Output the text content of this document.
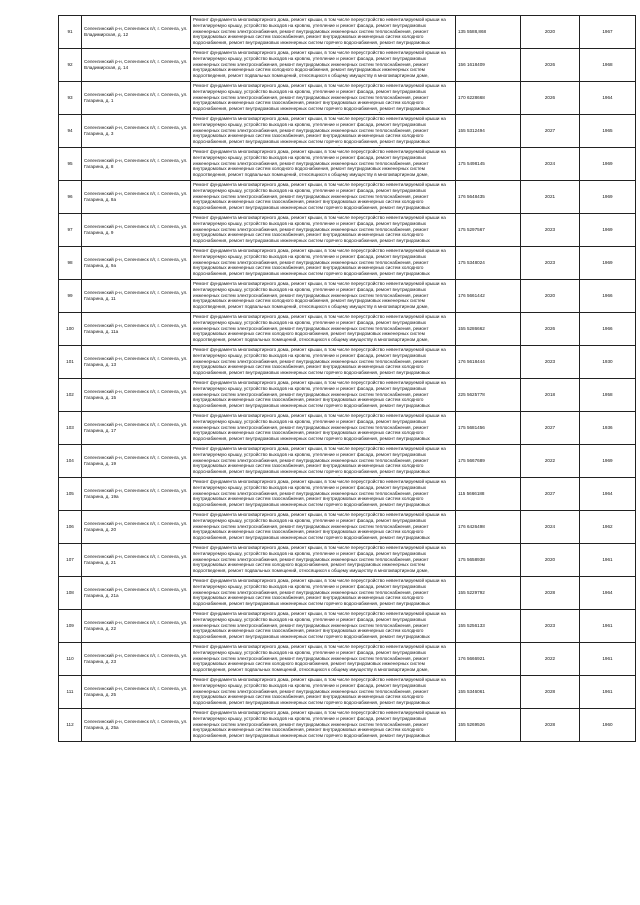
91	Селенгинский р-н, Селенгинск п/г, г. Селенга, ул. Владимирская, д. 12	Ремонт фундамента многоквартирного дома, ремонт крыши, в том числе переустройство невентилируемой крыши на вентилируемую крышу, устройство выходов на кровлю, утепление и ремонт фасада, ремонт внутридомовых инженерных систем электроснабжения, ремонт внутридомовых инженерных систем теплоснабжения, ремонт внутридомовых инженерных систем газоснабжения, ремонт внутридомовых инженерных систем холодного водоснабжения, ремонт внутридомовых инженерных систем горячего водоснабжения, ремонт внутридомовых	135 5588,868	2020	1967

92	Селенгинский р-н, Селенгинск п/г, г. Селенга, ул. Владимирская, д. 14	Ремонт фундамента многоквартирного дома, ремонт крыши, в том числе переустройство невентилируемой крыши на вентилируемую крышу, устройство выходов на кровлю, утепление и ремонт фасада, ремонт внутридомовых инженерных систем электроснабжения, ремонт внутридомовых инженерных систем теплоснабжения, ремонт внутридомовых инженерных систем холодного водоснабжения, ремонт внутридомовых инженерных систем водоотведения, ремонт подвальных помещений, относящихся к общему имуществу в многоквартирном доме,	156 1618409	2026	1968

93	Селенгинский р-н, Селенгинск п/г, г. Селенга, ул. Гагарина, д. 1	Ремонт фундамента многоквартирного дома, ремонт крыши, в том числе переустройство невентилируемой крыши на вентилируемую крышу, устройство выходов на кровлю, утепление и ремонт фасада, ремонт внутридомовых инженерных систем электроснабжения, ремонт внутридомовых инженерных систем теплоснабжения, ремонт внутридомовых инженерных систем газоснабжения, ремонт внутридомовых инженерных систем холодного водоснабжения, ремонт внутридомовых инженерных систем горячего водоснабжения, ремонт внутридомовых	170 6228668	2026	1964

94	Селенгинский р-н, Селенгинск п/г, г. Селенга, ул. Гагарина, д. 3	Ремонт фундамента многоквартирного дома, ремонт крыши, в том числе переустройство невентилируемой крыши на вентилируемую крышу, устройство выходов на кровлю, утепление и ремонт фасада, ремонт внутридомовых инженерных систем электроснабжения, ремонт внутридомовых инженерных систем теплоснабжения, ремонт внутридомовых инженерных систем газоснабжения, ремонт внутридомовых инженерных систем холодного водоснабжения, ремонт внутридомовых инженерных систем горячего водоснабжения, ремонт внутридомовых	155 5312494	2027	1965

95	Селенгинский р-н, Селенгинск п/г, г. Селенга, ул. Гагарина, д. 8	Ремонт фундамента многоквартирного дома, ремонт крыши, в том числе переустройство невентилируемой крыши на вентилируемую крышу, устройство выходов на кровлю, утепление и ремонт фасада, ремонт внутридомовых инженерных систем электроснабжения, ремонт внутридомовых инженерных систем теплоснабжения, ремонт внутридомовых инженерных систем холодного водоснабжения, ремонт внутридомовых инженерных систем водоотведения, ремонт подвальных помещений, относящихся к общему имуществу в многоквартирном доме,	175 5498145	2024	1969

96	Селенгинский р-н, Селенгинск п/г, г. Селенга, ул. Гагарина, д. 8а	Ремонт фундамента многоквартирного дома, ремонт крыши, в том числе переустройство невентилируемой крыши на вентилируемую крышу, устройство выходов на кровлю, утепление и ремонт фасада, ремонт внутридомовых инженерных систем электроснабжения, ремонт внутридомовых инженерных систем теплоснабжения, ремонт внутридомовых инженерных систем газоснабжения, ремонт внутридомовых инженерных систем холодного водоснабжения, ремонт внутридомовых инженерных систем горячего водоснабжения, ремонт внутридомовых	176 5648435	2021	1969

97	Селенгинский р-н, Селенгинск п/г, г. Селенга, ул. Гагарина, д. 9	Ремонт фундамента многоквартирного дома, ремонт крыши, в том числе переустройство невентилируемой крыши на вентилируемую крышу, устройство выходов на кровлю, утепление и ремонт фасада, ремонт внутридомовых инженерных систем электроснабжения, ремонт внутридомовых инженерных систем теплоснабжения, ремонт внутридомовых инженерных систем газоснабжения, ремонт внутридомовых инженерных систем холодного водоснабжения, ремонт внутридомовых инженерных систем горячего водоснабжения, ремонт внутридомовых	175 5297567	2023	1969

98	Селенгинский р-н, Селенгинск п/г, г. Селенга, ул. Гагарина, д. 9а	Ремонт фундамента многоквартирного дома, ремонт крыши, в том числе переустройство невентилируемой крыши на вентилируемую крышу, устройство выходов на кровлю, утепление и ремонт фасада, ремонт внутридомовых инженерных систем электроснабжения, ремонт внутридомовых инженерных систем теплоснабжения, ремонт внутридомовых инженерных систем газоснабжения, ремонт внутридомовых инженерных систем холодного водоснабжения, ремонт внутридомовых инженерных систем горячего водоснабжения, ремонт внутридомовых	175 5348024	2023	1969

99	Селенгинский р-н, Селенгинск п/г, г. Селенга, ул. Гагарина, д. 11	Ремонт фундамента многоквартирного дома, ремонт крыши, в том числе переустройство невентилируемой крыши на вентилируемую крышу, устройство выходов на кровлю, утепление и ремонт фасада, ремонт внутридомовых инженерных систем электроснабжения, ремонт внутридомовых инженерных систем теплоснабжения, ремонт внутридомовых инженерных систем холодного водоснабжения, ремонт внутридомовых инженерных систем водоотведения, ремонт подвальных помещений, относящихся к общему имуществу в многоквартирном доме,	176 5661442	2020	1966

100	Селенгинский р-н, Селенгинск п/г, г. Селенга, ул. Гагарина, д. 11а	Ремонт фундамента многоквартирного дома, ремонт крыши, в том числе переустройство невентилируемой крыши на вентилируемую крышу, устройство выходов на кровлю, утепление и ремонт фасада, ремонт внутридомовых инженерных систем электроснабжения, ремонт внутридомовых инженерных систем теплоснабжения, ремонт внутридомовых инженерных систем холодного водоснабжения, ремонт внутридомовых инженерных систем водоотведения, ремонт подвальных помещений, относящихся к общему имуществу в многоквартирном доме,	155 5286662	2026	1966

101	Селенгинский р-н, Селенгинск п/г, г. Селенга, ул. Гагарина, д. 13	Ремонт фундамента многоквартирного дома, ремонт крыши, в том числе переустройство невентилируемой крыши на вентилируемую крышу, устройство выходов на кровлю, утепление и ремонт фасада, ремонт внутридомовых инженерных систем электроснабжения, ремонт внутридомовых инженерных систем теплоснабжения, ремонт внутридомовых инженерных систем газоснабжения, ремонт внутридомовых инженерных систем холодного водоснабжения, ремонт внутридомовых инженерных систем горячего водоснабжения, ремонт внутридомовых	176 5618444	2023	1930

102	Селенгинский р-н, Селенгинск п/г, г. Селенга, ул. Гагарина, д. 15	Ремонт фундамента многоквартирного дома, ремонт крыши, в том числе переустройство невентилируемой крыши на вентилируемую крышу, устройство выходов на кровлю, утепление и ремонт фасада, ремонт внутридомовых инженерных систем электроснабжения, ремонт внутридомовых инженерных систем теплоснабжения, ремонт внутридомовых инженерных систем газоснабжения, ремонт внутридомовых инженерных систем холодного водоснабжения, ремонт внутридомовых инженерных систем горячего водоснабжения, ремонт внутридомовых	225 5625778	2018	1958

103	Селенгинский р-н, Селенгинск п/г, г. Селенга, ул. Гагарина, д. 17	Ремонт фундамента многоквартирного дома, ремонт крыши, в том числе переустройство невентилируемой крыши на вентилируемую крышу, устройство выходов на кровлю, утепление и ремонт фасада, ремонт внутридомовых инженерных систем электроснабжения, ремонт внутридомовых инженерных систем теплоснабжения, ремонт внутридомовых инженерных систем газоснабжения, ремонт внутридомовых инженерных систем холодного водоснабжения, ремонт внутридомовых инженерных систем горячего водоснабжения, ремонт внутридомовых	175 5681456	2027	1936

104	Селенгинский р-н, Селенгинск п/г, г. Селенга, ул. Гагарина, д. 19	Ремонт фундамента многоквартирного дома, ремонт крыши, в том числе переустройство невентилируемой крыши на вентилируемую крышу, устройство выходов на кровлю, утепление и ремонт фасада, ремонт внутридомовых инженерных систем электроснабжения, ремонт внутридомовых инженерных систем теплоснабжения, ремонт внутридомовых инженерных систем газоснабжения, ремонт внутридомовых инженерных систем холодного водоснабжения, ремонт внутридомовых инженерных систем горячего водоснабжения, ремонт внутридомовых	175 5667689	2022	1969

105	Селенгинский р-н, Селенгинск п/г, г. Селенга, ул. Гагарина, д. 19а	Ремонт фундамента многоквартирного дома, ремонт крыши, в том числе переустройство невентилируемой крыши на вентилируемую крышу, устройство выходов на кровлю, утепление и ремонт фасада, ремонт внутридомовых инженерных систем электроснабжения, ремонт внутридомовых инженерных систем теплоснабжения, ремонт внутридомовых инженерных систем газоснабжения, ремонт внутридомовых инженерных систем холодного водоснабжения, ремонт внутридомовых инженерных систем горячего водоснабжения, ремонт внутридомовых	115 5666188	2027	1964

106	Селенгинский р-н, Селенгинск п/г, г. Селенга, ул. Гагарина, д. 20	Ремонт фундамента многоквартирного дома, ремонт крыши, в том числе переустройство невентилируемой крыши на вентилируемую крышу, устройство выходов на кровлю, утепление и ремонт фасада, ремонт внутридомовых инженерных систем электроснабжения, ремонт внутридомовых инженерных систем теплоснабжения, ремонт внутридомовых инженерных систем газоснабжения, ремонт внутридомовых инженерных систем холодного водоснабжения, ремонт внутридомовых инженерных систем горячего водоснабжения, ремонт внутридомовых	176 6426498	2024	1962

107	Селенгинский р-н, Селенгинск п/г, г. Селенга, ул. Гагарина, д. 21	Ремонт фундамента многоквартирного дома, ремонт крыши, в том числе переустройство невентилируемой крыши на вентилируемую крышу, устройство выходов на кровлю, утепление и ремонт фасада, ремонт внутридомовых инженерных систем электроснабжения, ремонт внутридомовых инженерных систем теплоснабжения, ремонт внутридомовых инженерных систем холодного водоснабжения, ремонт внутридомовых инженерных систем водоотведения, ремонт подвальных помещений, относящихся к общему имуществу в многоквартирном доме,	175 5658938	2020	1961

108	Селенгинский р-н, Селенгинск п/г, г. Селенга, ул. Гагарина, д. 21а	Ремонт фундамента многоквартирного дома, ремонт крыши, в том числе переустройство невентилируемой крыши на вентилируемую крышу, устройство выходов на кровлю, утепление и ремонт фасада, ремонт внутридомовых инженерных систем электроснабжения, ремонт внутридомовых инженерных систем теплоснабжения, ремонт внутридомовых инженерных систем газоснабжения, ремонт внутридомовых инженерных систем холодного водоснабжения, ремонт внутридомовых инженерных систем горячего водоснабжения, ремонт внутридомовых	155 5229792	2028	1964

109	Селенгинский р-н, Селенгинск п/г, г. Селенга, ул. Гагарина, д. 22	Ремонт фундамента многоквартирного дома, ремонт крыши, в том числе переустройство невентилируемой крыши на вентилируемую крышу, устройство выходов на кровлю, утепление и ремонт фасада, ремонт внутридомовых инженерных систем электроснабжения, ремонт внутридомовых инженерных систем теплоснабжения, ремонт внутридомовых инженерных систем газоснабжения, ремонт внутридомовых инженерных систем холодного водоснабжения, ремонт внутридомовых инженерных систем горячего водоснабжения, ремонт внутридомовых	155 5256133	2023	1961

110	Селенгинский р-н, Селенгинск п/г, г. Селенга, ул. Гагарина, д. 23	Ремонт фундамента многоквартирного дома, ремонт крыши, в том числе переустройство невентилируемой крыши на вентилируемую крышу, устройство выходов на кровлю, утепление и ремонт фасада, ремонт внутридомовых инженерных систем электроснабжения, ремонт внутридомовых инженерных систем теплоснабжения, ремонт внутридомовых инженерных систем холодного водоснабжения, ремонт внутридомовых инженерных систем водоотведения, ремонт подвальных помещений, относящихся к общему имуществу в многоквартирном доме,	176 5666921	2022	1961

111	Селенгинский р-н, Селенгинск п/г, г. Селенга, ул. Гагарина, д. 25	Ремонт фундамента многоквартирного дома, ремонт крыши, в том числе переустройство невентилируемой крыши на вентилируемую крышу, устройство выходов на кровлю, утепление и ремонт фасада, ремонт внутридомовых инженерных систем электроснабжения, ремонт внутридомовых инженерных систем теплоснабжения, ремонт внутридомовых инженерных систем газоснабжения, ремонт внутридомовых инженерных систем холодного водоснабжения, ремонт внутридомовых инженерных систем горячего водоснабжения, ремонт внутридомовых	155 5346061	2028	1961

112	Селенгинский р-н, Селенгинск п/г, г. Селенга, ул. Гагарина, д. 25а	Ремонт фундамента многоквартирного дома, ремонт крыши, в том числе переустройство невентилируемой крыши на вентилируемую крышу, устройство выходов на кровлю, утепление и ремонт фасада, ремонт внутридомовых инженерных систем электроснабжения, ремонт внутридомовых инженерных систем теплоснабжения, ремонт внутридомовых инженерных систем газоснабжения, ремонт внутридомовых инженерных систем холодного водоснабжения, ремонт внутридомовых инженерных систем горячего водоснабжения, ремонт внутридомовых	155 5269526	2028	1960
